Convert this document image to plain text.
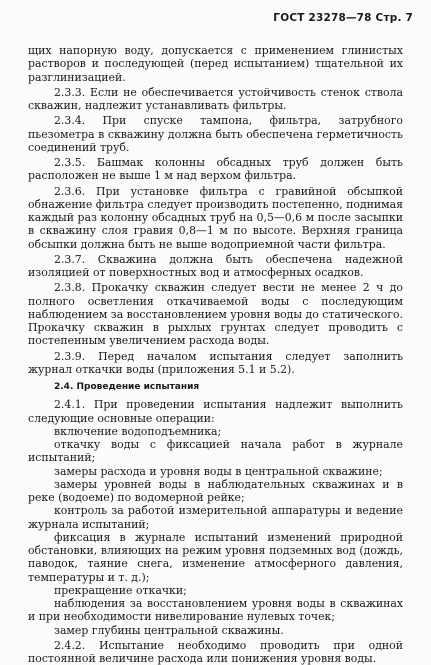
ГОСТ 23278—78 Стр. 7

щих напорную воду, допускается с применением глинистых растворов и последующей (перед испытанием) тщательной их разглинизацией.

2.3.3. Если не обеспечивается устойчивость стенок ствола скважин, надлежит устанавливать фильтры.

2.3.4. При спуске тампона, фильтра, затрубного пьезометра в скважину должна быть обеспечена герметичность соединений труб.

2.3.5. Башмак колонны обсадных труб должен быть расположен не выше 1 м над верхом фильтра.

2.3.6. При установке фильтра с гравийной обсыпкой обнажение фильтра следует производить постепенно, поднимая каждый раз колонну обсадных труб на 0,5—0,6 м после засыпки в скважину слоя гравия 0,8—1 м по высоте. Верхняя граница обсыпки должна быть не выше водоприемной части фильтра.

2.3.7. Скважина должна быть обеспечена надежной изоляцией от поверхностных вод и атмосферных осадков.

2.3.8. Прокачку скважин следует вести не менее 2 ч до полного осветления откачиваемой воды с последующим наблюдением за восстановлением уровня воды до статического. Прокачку скважин в рыхлых грунтах следует проводить с постепенным увеличением расхода воды.

2.3.9. Перед началом испытания следует заполнить журнал откачки воды (приложения 5.1 и 5.2).

2.4. Проведение испытания

2.4.1. При проведении испытания надлежит выполнить следующие основные операции:

включение водоподъемника;

откачку воды с фиксацией начала работ в журнале испытаний;

замеры расхода и уровня воды в центральной скважине;

замеры уровней воды в наблюдательных скважинах и в реке (водоеме) по водомерной рейке;

контроль за работой измерительной аппаратуры и ведение журнала испытаний;

фиксация в журнале испытаний изменений природной обстановки, влияющих на режим уровня подземных вод (дождь, паводок, таяние снега, изменение атмосферного давления, температуры и т. д.);

прекращение откачки;

наблюдения за восстановлением уровня воды в скважинах и при необходимости нивелирование нулевых точек;

замер глубины центральной скважины.

2.4.2. Испытание необходимо проводить при одной постоянной величине расхода или понижения уровня воды.
